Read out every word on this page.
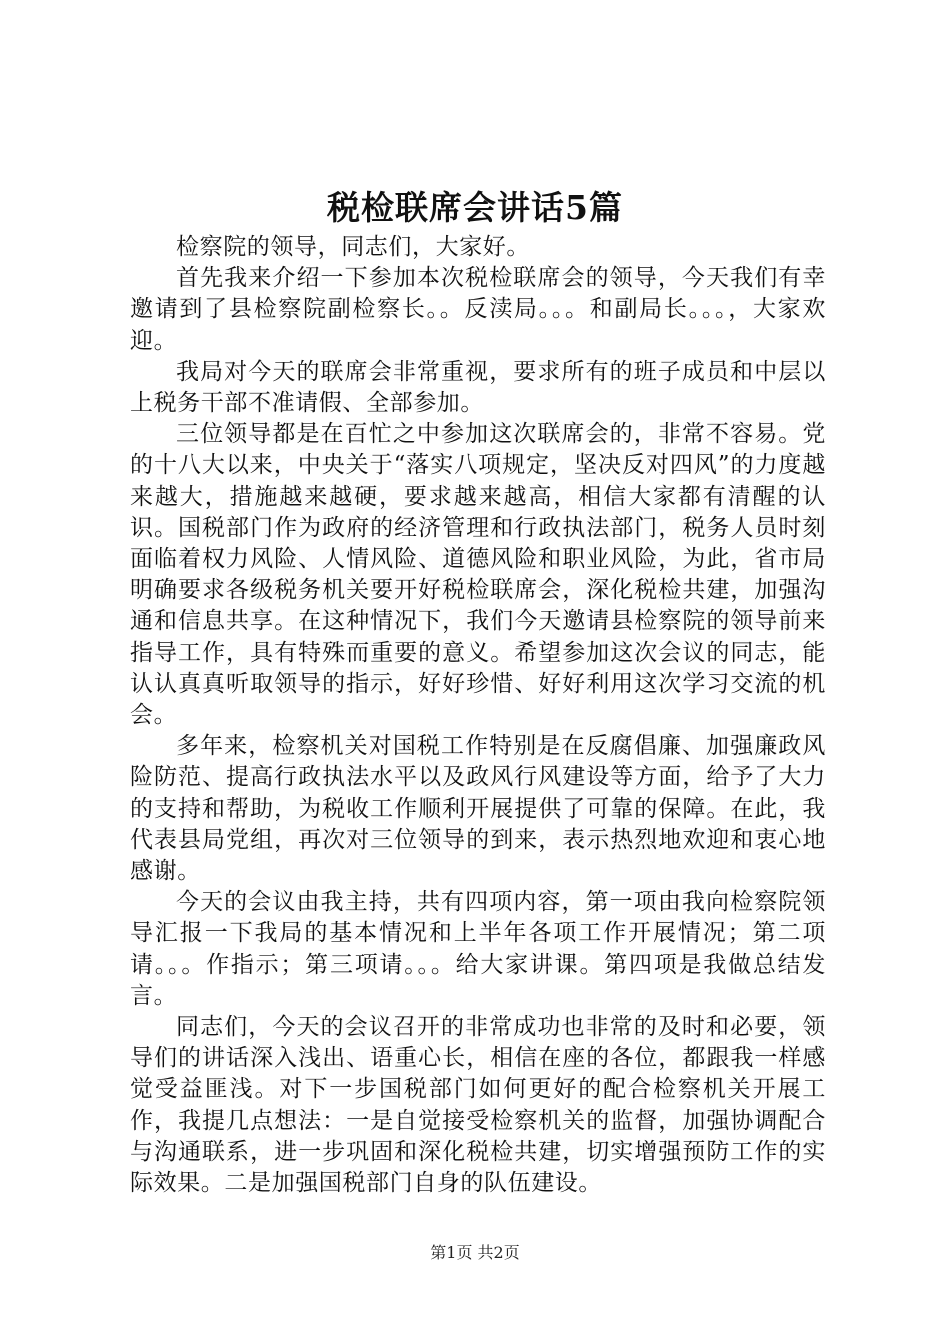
税检联席会讲话5篇

检察院的领导，同志们，大家好。

首先我来介绍一下参加本次税检联席会的领导，今天我们有幸邀请到了县检察院副检察长。。反渎局。。。和副局长。。。，大家欢迎。

我局对今天的联席会非常重视，要求所有的班子成员和中层以上税务干部不准请假、全部参加。

三位领导都是在百忙之中参加这次联席会的，非常不容易。党的十八大以来，中央关于“落实八项规定，坚决反对四风”的力度越来越大，措施越来越硬，要求越来越高，相信大家都有清醒的认识。国税部门作为政府的经济管理和行政执法部门，税务人员时刻面临着权力风险、人情风险、道德风险和职业风险，为此，省市局明确要求各级税务机关要开好税检联席会，深化税检共建，加强沟通和信息共享。在这种情况下，我们今天邀请县检察院的领导前来指导工作，具有特殊而重要的意义。希望参加这次会议的同志，能认认真真听取领导的指示，好好珍惜、好好利用这次学习交流的机会。

多年来，检察机关对国税工作特别是在反腐倡廉、加强廉政风险防范、提高行政执法水平以及政风行风建设等方面，给予了大力的支持和帮助，为税收工作顺利开展提供了可靠的保障。在此，我代表县局党组，再次对三位领导的到来，表示热烈地欢迎和衷心地感谢。

今天的会议由我主持，共有四项内容，第一项由我向检察院领导汇报一下我局的基本情况和上半年各项工作开展情况；第二项请。。。作指示；第三项请。。。给大家讲课。第四项是我做总结发言。

同志们，今天的会议召开的非常成功也非常的及时和必要，领导们的讲话深入浅出、语重心长，相信在座的各位，都跟我一样感觉受益匪浅。对下一步国税部门如何更好的配合检察机关开展工作，我提几点想法：一是自觉接受检察机关的监督，加强协调配合与沟通联系，进一步巩固和深化税检共建，切实增强预防工作的实际效果。二是加强国税部门自身的队伍建设。

第1页 共2页
